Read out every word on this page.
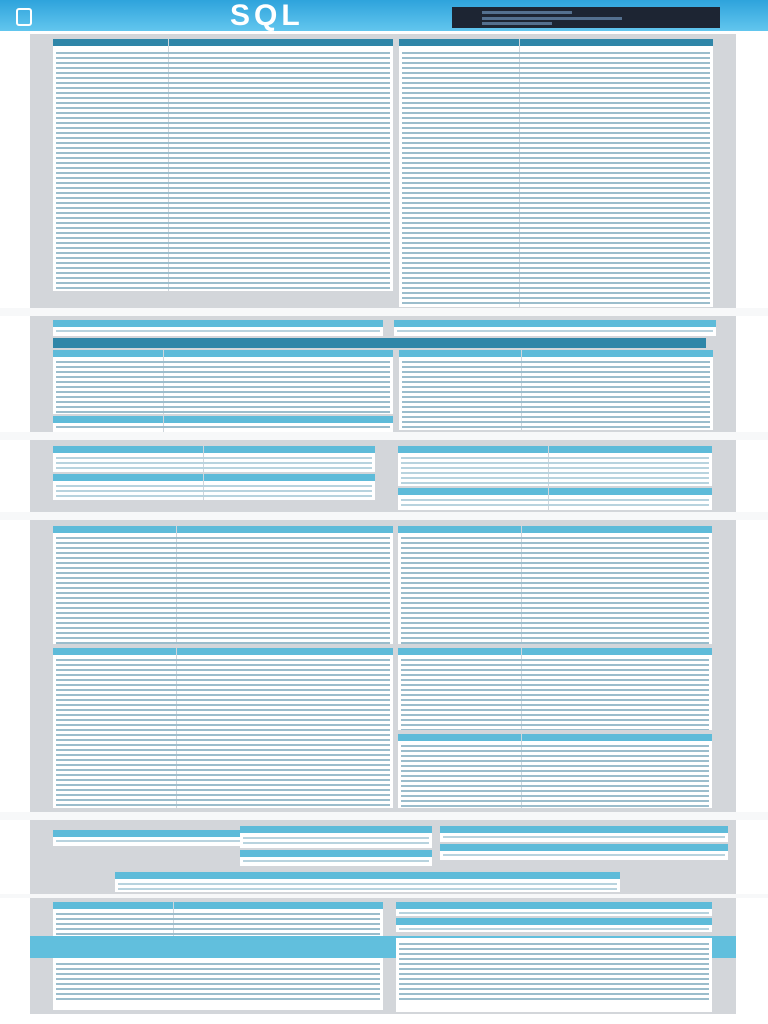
SQL
